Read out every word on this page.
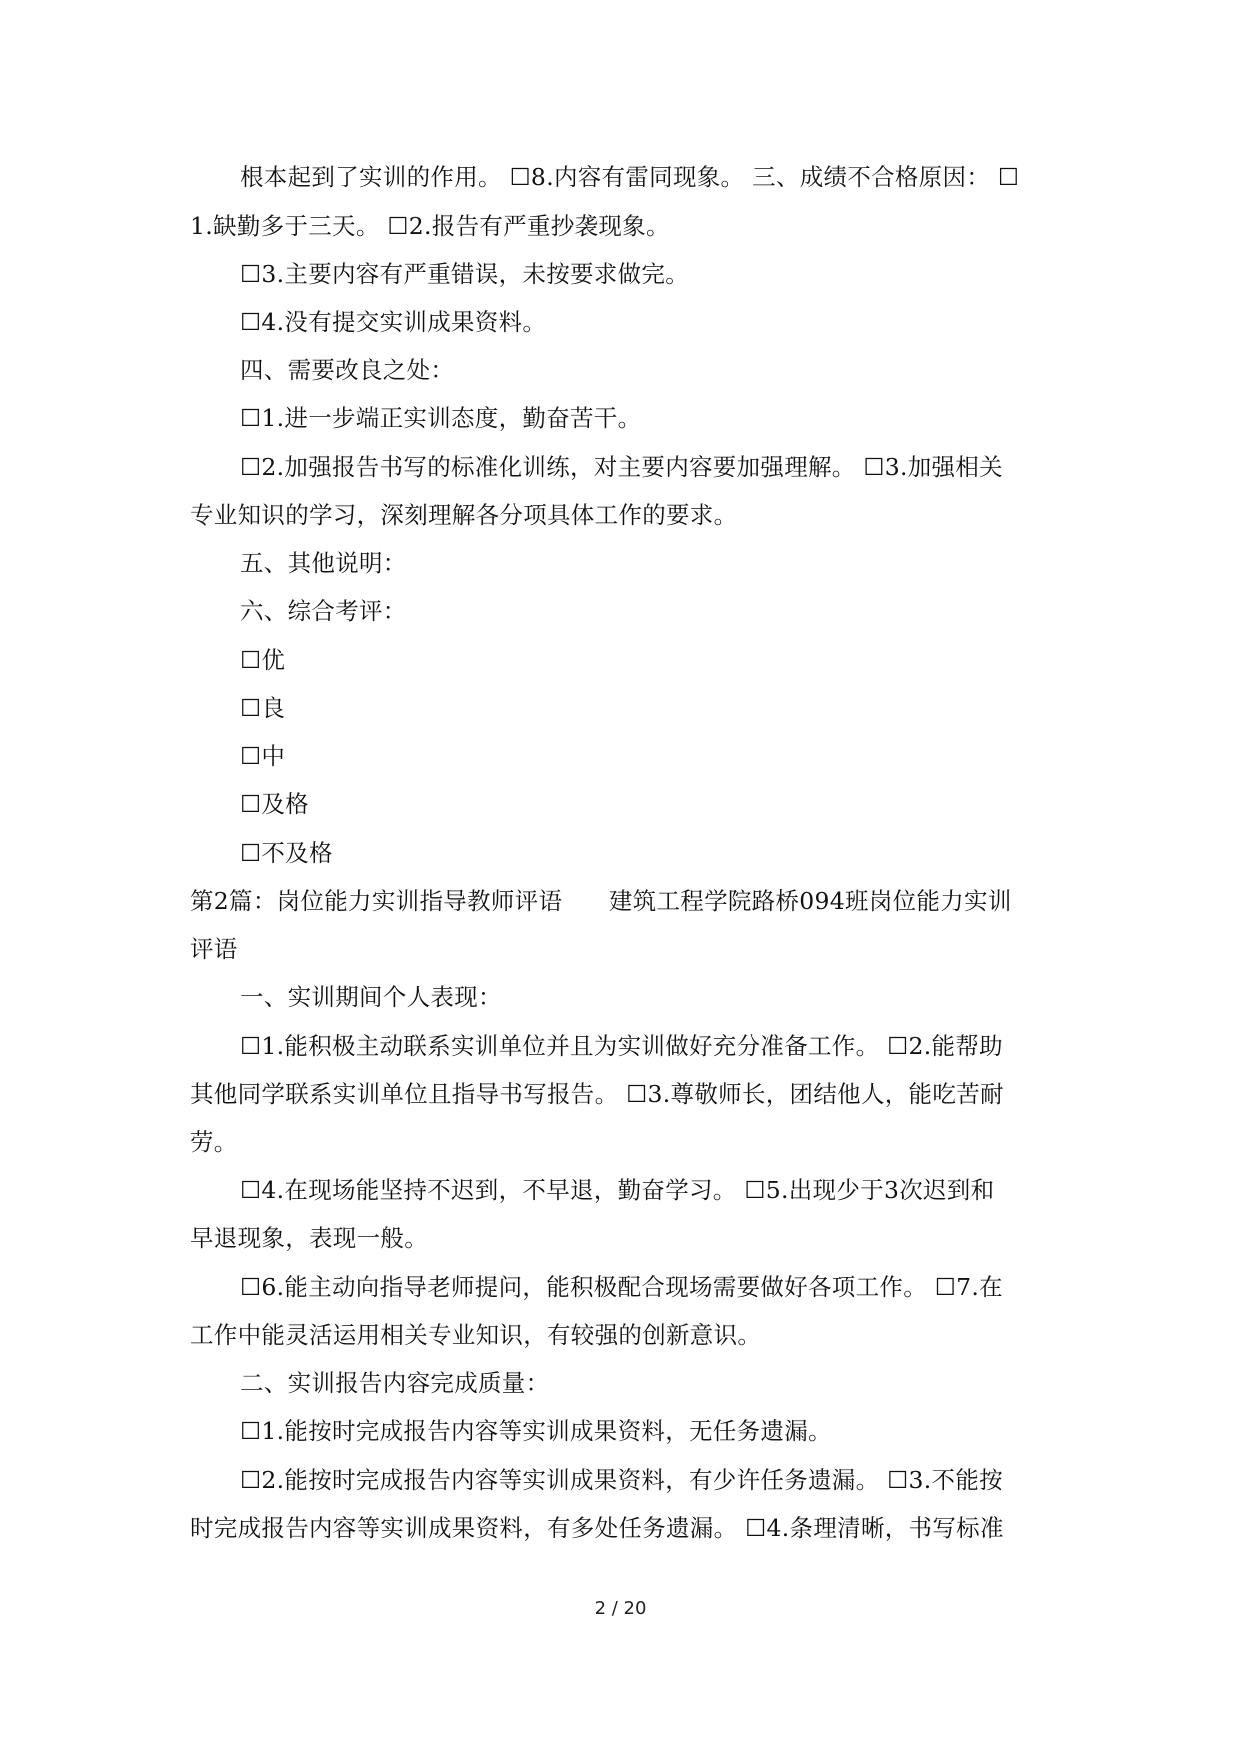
根本起到了实训的作用。 ☐8.内容有雷同现象。 三、成绩不合格原因： ☐
1.缺勤多于三天。 ☐2.报告有严重抄袭现象。
☐3.主要内容有严重错误，未按要求做完。
☐4.没有提交实训成果资料。
四、需要改良之处：
☐1.进一步端正实训态度，勤奋苦干。
☐2.加强报告书写的标准化训练，对主要内容要加强理解。 ☐3.加强相关
专业知识的学习，深刻理解各分项具体工作的要求。
五、其他说明：
六、综合考评：
☐优
☐良
☐中
☐及格
☐不及格
第2篇：岗位能力实训指导教师评语      建筑工程学院路桥094班岗位能力实训
评语
一、实训期间个人表现：
☐1.能积极主动联系实训单位并且为实训做好充分准备工作。 ☐2.能帮助
其他同学联系实训单位且指导书写报告。 ☐3.尊敬师长，团结他人，能吃苦耐
劳。
☐4.在现场能坚持不迟到，不早退，勤奋学习。 ☐5.出现少于3次迟到和
早退现象，表现一般。
☐6.能主动向指导老师提问，能积极配合现场需要做好各项工作。 ☐7.在
工作中能灵活运用相关专业知识，有较强的创新意识。
二、实训报告内容完成质量：
☐1.能按时完成报告内容等实训成果资料，无任务遗漏。
☐2.能按时完成报告内容等实训成果资料，有少许任务遗漏。 ☐3.不能按
时完成报告内容等实训成果资料，有多处任务遗漏。 ☐4.条理清晰，书写标准
2 / 20
